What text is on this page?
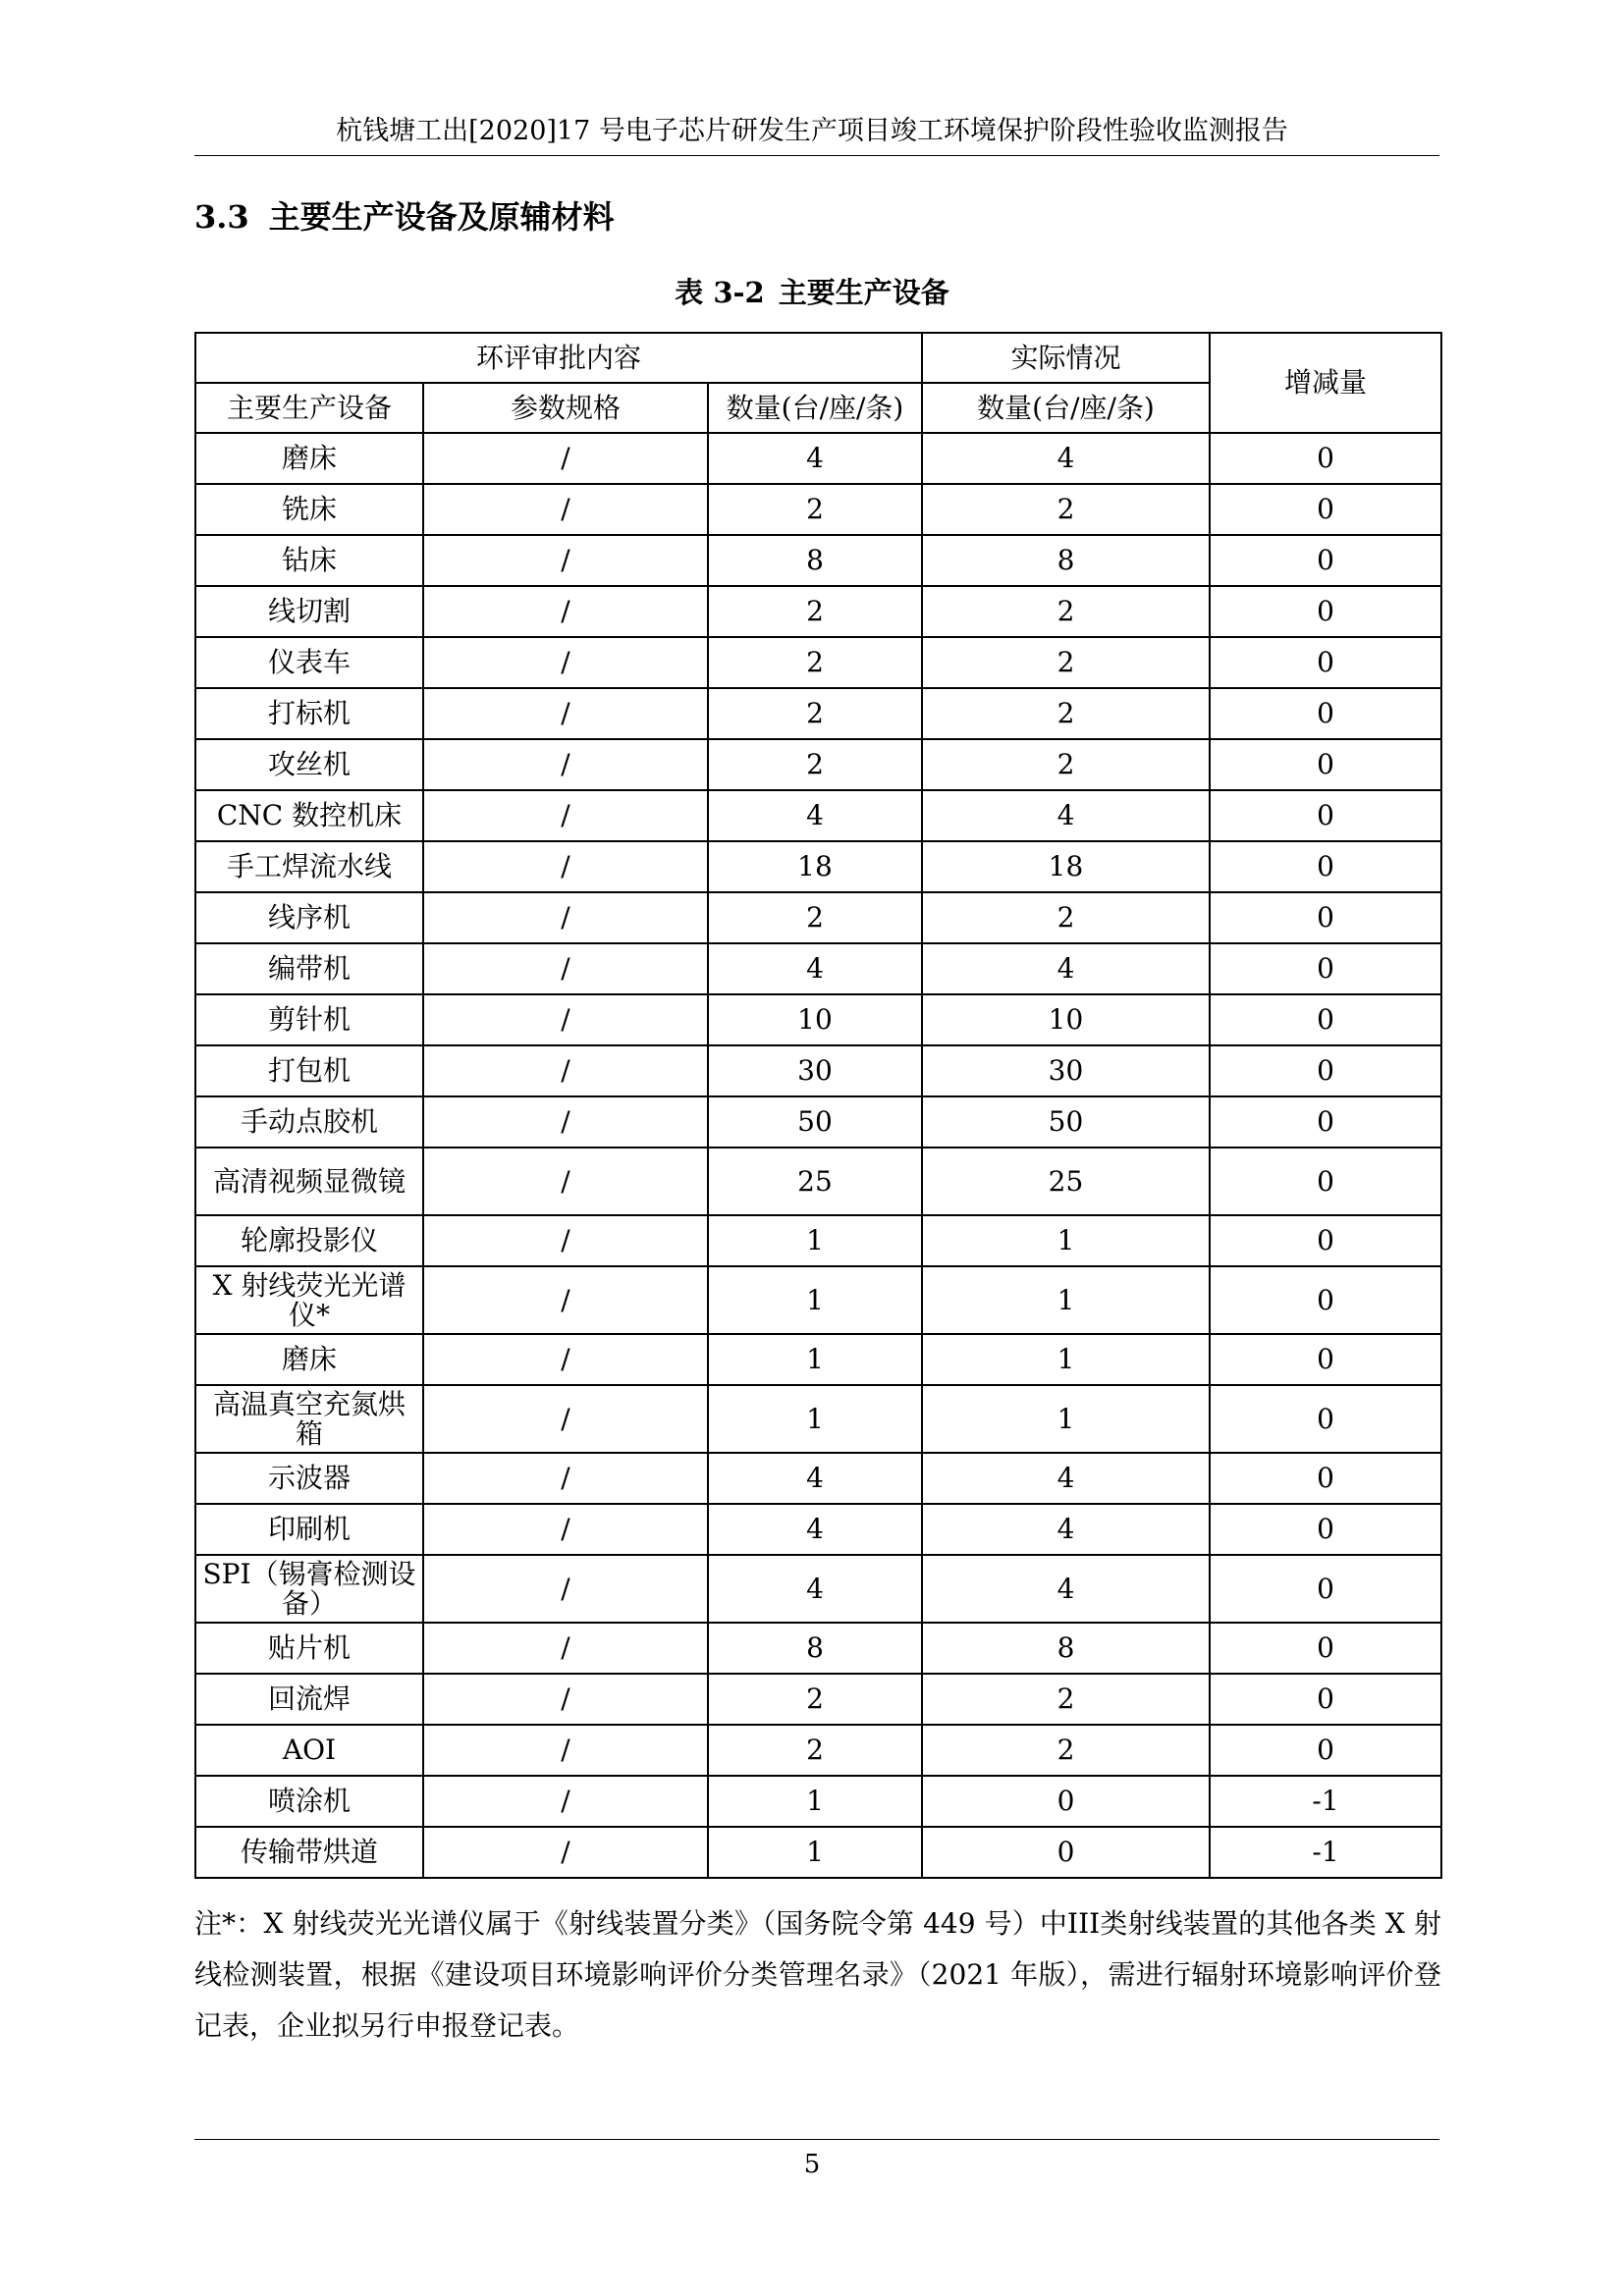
杭钱塘工出[2020]17 号电子芯片研发生产项目竣工环境保护阶段性验收监测报告
3.3 主要生产设备及原辅材料
表 3-2 主要生产设备
环评审批内容			实际情况	增减量
主要生产设备	参数规格	数量(台/座/条)	数量(台/座/条)	
磨床	/	4	4	0
铣床	/	2	2	0
钻床	/	8	8	0
线切割	/	2	2	0
仪表车	/	2	2	0
打标机	/	2	2	0
攻丝机	/	2	2	0
CNC 数控机床	/	4	4	0
手工焊流水线	/	18	18	0
线序机	/	2	2	0
编带机	/	4	4	0
剪针机	/	10	10	0
打包机	/	30	30	0
手动点胶机	/	50	50	0
高清视频显微镜	/	25	25	0
轮廓投影仪	/	1	1	0
X 射线荧光光谱仪*	/	1	1	0
磨床	/	1	1	0
高温真空充氮烘箱	/	1	1	0
示波器	/	4	4	0
印刷机	/	4	4	0
SPI（锡膏检测设备）	/	4	4	0
贴片机	/	8	8	0
回流焊	/	2	2	0
AOI	/	2	2	0
喷涂机	/	1	0	-1
传输带烘道	/	1	0	-1
注*：X 射线荧光光谱仪属于《射线装置分类》（国务院令第 449 号）中III类射线装置的其他各类 X 射线检测装置，根据《建设项目环境影响评价分类管理名录》（2021 年版），需进行辐射环境影响评价登记表，企业拟另行申报登记表。
5
